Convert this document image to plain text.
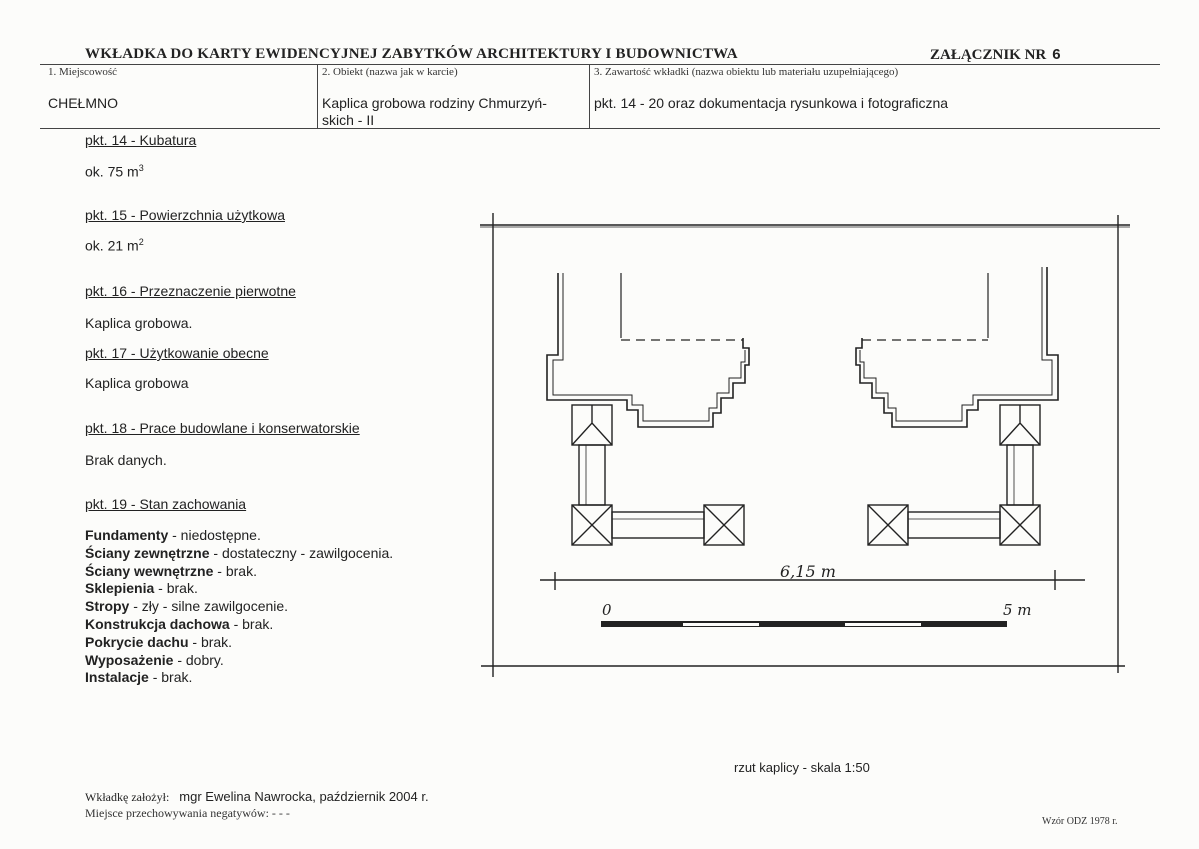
WKŁADKA DO KARTY EWIDENCYJNEJ ZABYTKÓW ARCHITEKTURY I BUDOWNICTWA	ZAŁĄCZNIK NR 6
1. Miejscowość	2. Obiekt (nazwa jak w karcie)	3. Zawartość wkładki (nazwa obiektu lub materiału uzupełniającego)
CHEŁMNO	Kaplica grobowa rodziny Chmurzyń-
skich - II
pkt. 14 - 20 oraz dokumentacja rysunkowa i fotograficzna
pkt. 14 - Kubatura
ok. 75 $m^3$
pkt. 15 - Powierzchnia użytkowa
ok. 21 $m^2$
pkt. 16 - Przeznaczenie pierwotne
Kaplica grobowa.
pkt. 17 - Użytkowanie obecne
Kaplica grobowa
pkt. 18 - Prace budowlane i konserwatorskie
Brak danych.
pkt. 19 - Stan zachowania
Fundamenty - niedostępne.
Ściany zewnętrzne - dostateczny - zawilgocenia.
Ściany wewnętrzne - brak.
Sklepienia - brak.
Stropy - zły - silne zawilgocenie.
Konstrukcja dachowa - brak.
Pokrycie dachu - brak.
Wyposażenie - dobry.
Instalacje - brak.
6,15 m
0	5 m
rzut kaplicy - skala 1:50
Wkładkę założył: mgr Ewelina Nawrocka, październik 2004 r.
Miejsce przechowywania negatywów: - - -
Wzór ODZ 1978 r.
